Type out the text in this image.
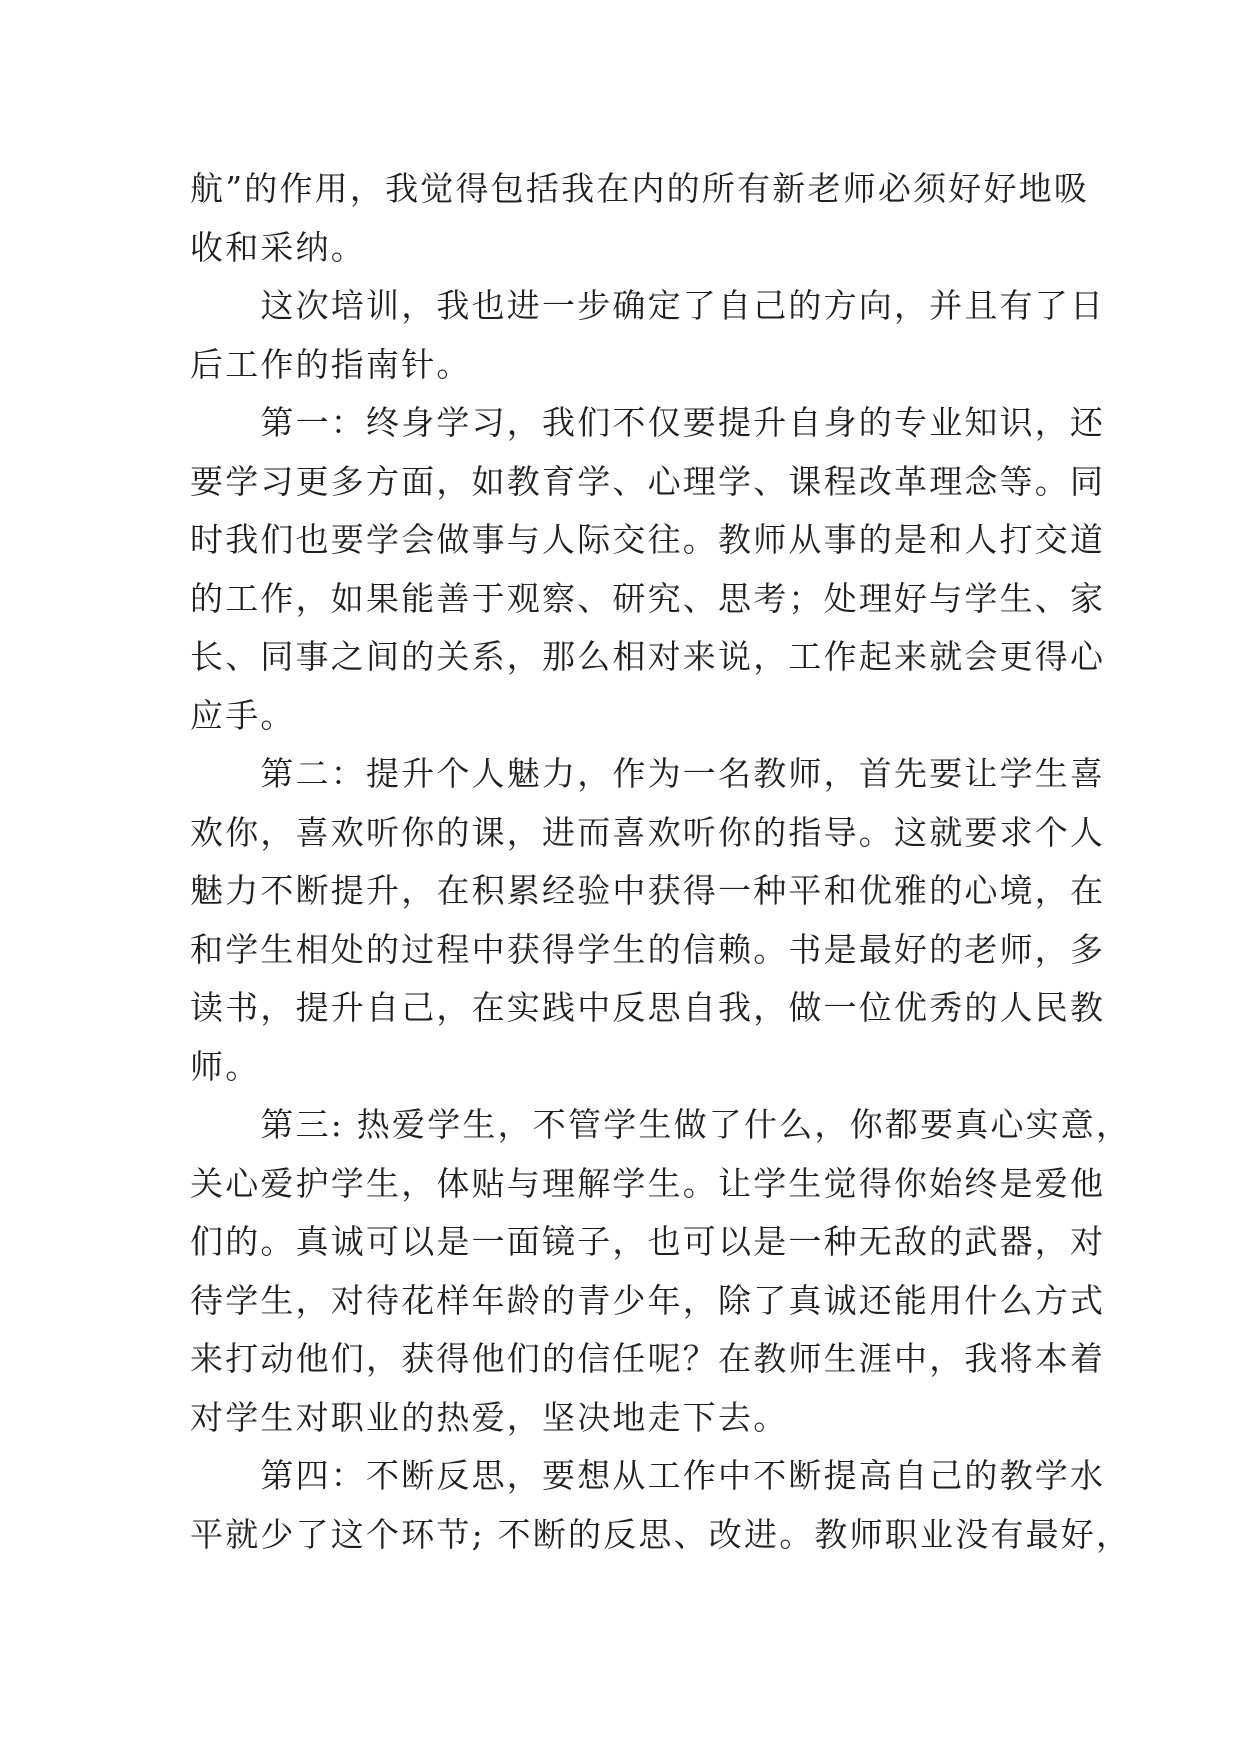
航”的作用，我觉得包括我在内的所有新老师必须好好地吸
收和采纳。
　　这次培训，我也进一步确定了自己的方向，并且有了日
后工作的指南针。
　　第一：终身学习，我们不仅要提升自身的专业知识，还
要学习更多方面，如教育学、心理学、课程改革理念等。同
时我们也要学会做事与人际交往。教师从事的是和人打交道
的工作，如果能善于观察、研究、思考；处理好与学生、家
长、同事之间的关系，那么相对来说，工作起来就会更得心
应手。
　　第二：提升个人魅力，作为一名教师，首先要让学生喜
欢你，喜欢听你的课，进而喜欢听你的指导。这就要求个人
魅力不断提升，在积累经验中获得一种平和优雅的心境，在
和学生相处的过程中获得学生的信赖。书是最好的老师，多
读书，提升自己，在实践中反思自我，做一位优秀的人民教
师。
　　第三: 热爱学生，不管学生做了什么，你都要真心实意，
关心爱护学生，体贴与理解学生。让学生觉得你始终是爱他
们的。真诚可以是一面镜子，也可以是一种无敌的武器，对
待学生，对待花样年龄的青少年，除了真诚还能用什么方式
来打动他们，获得他们的信任呢？在教师生涯中，我将本着
对学生对职业的热爱，坚决地走下去。
　　第四：不断反思，要想从工作中不断提高自己的教学水
平就少了这个环节; 不断的反思、改进。教师职业没有最好，
